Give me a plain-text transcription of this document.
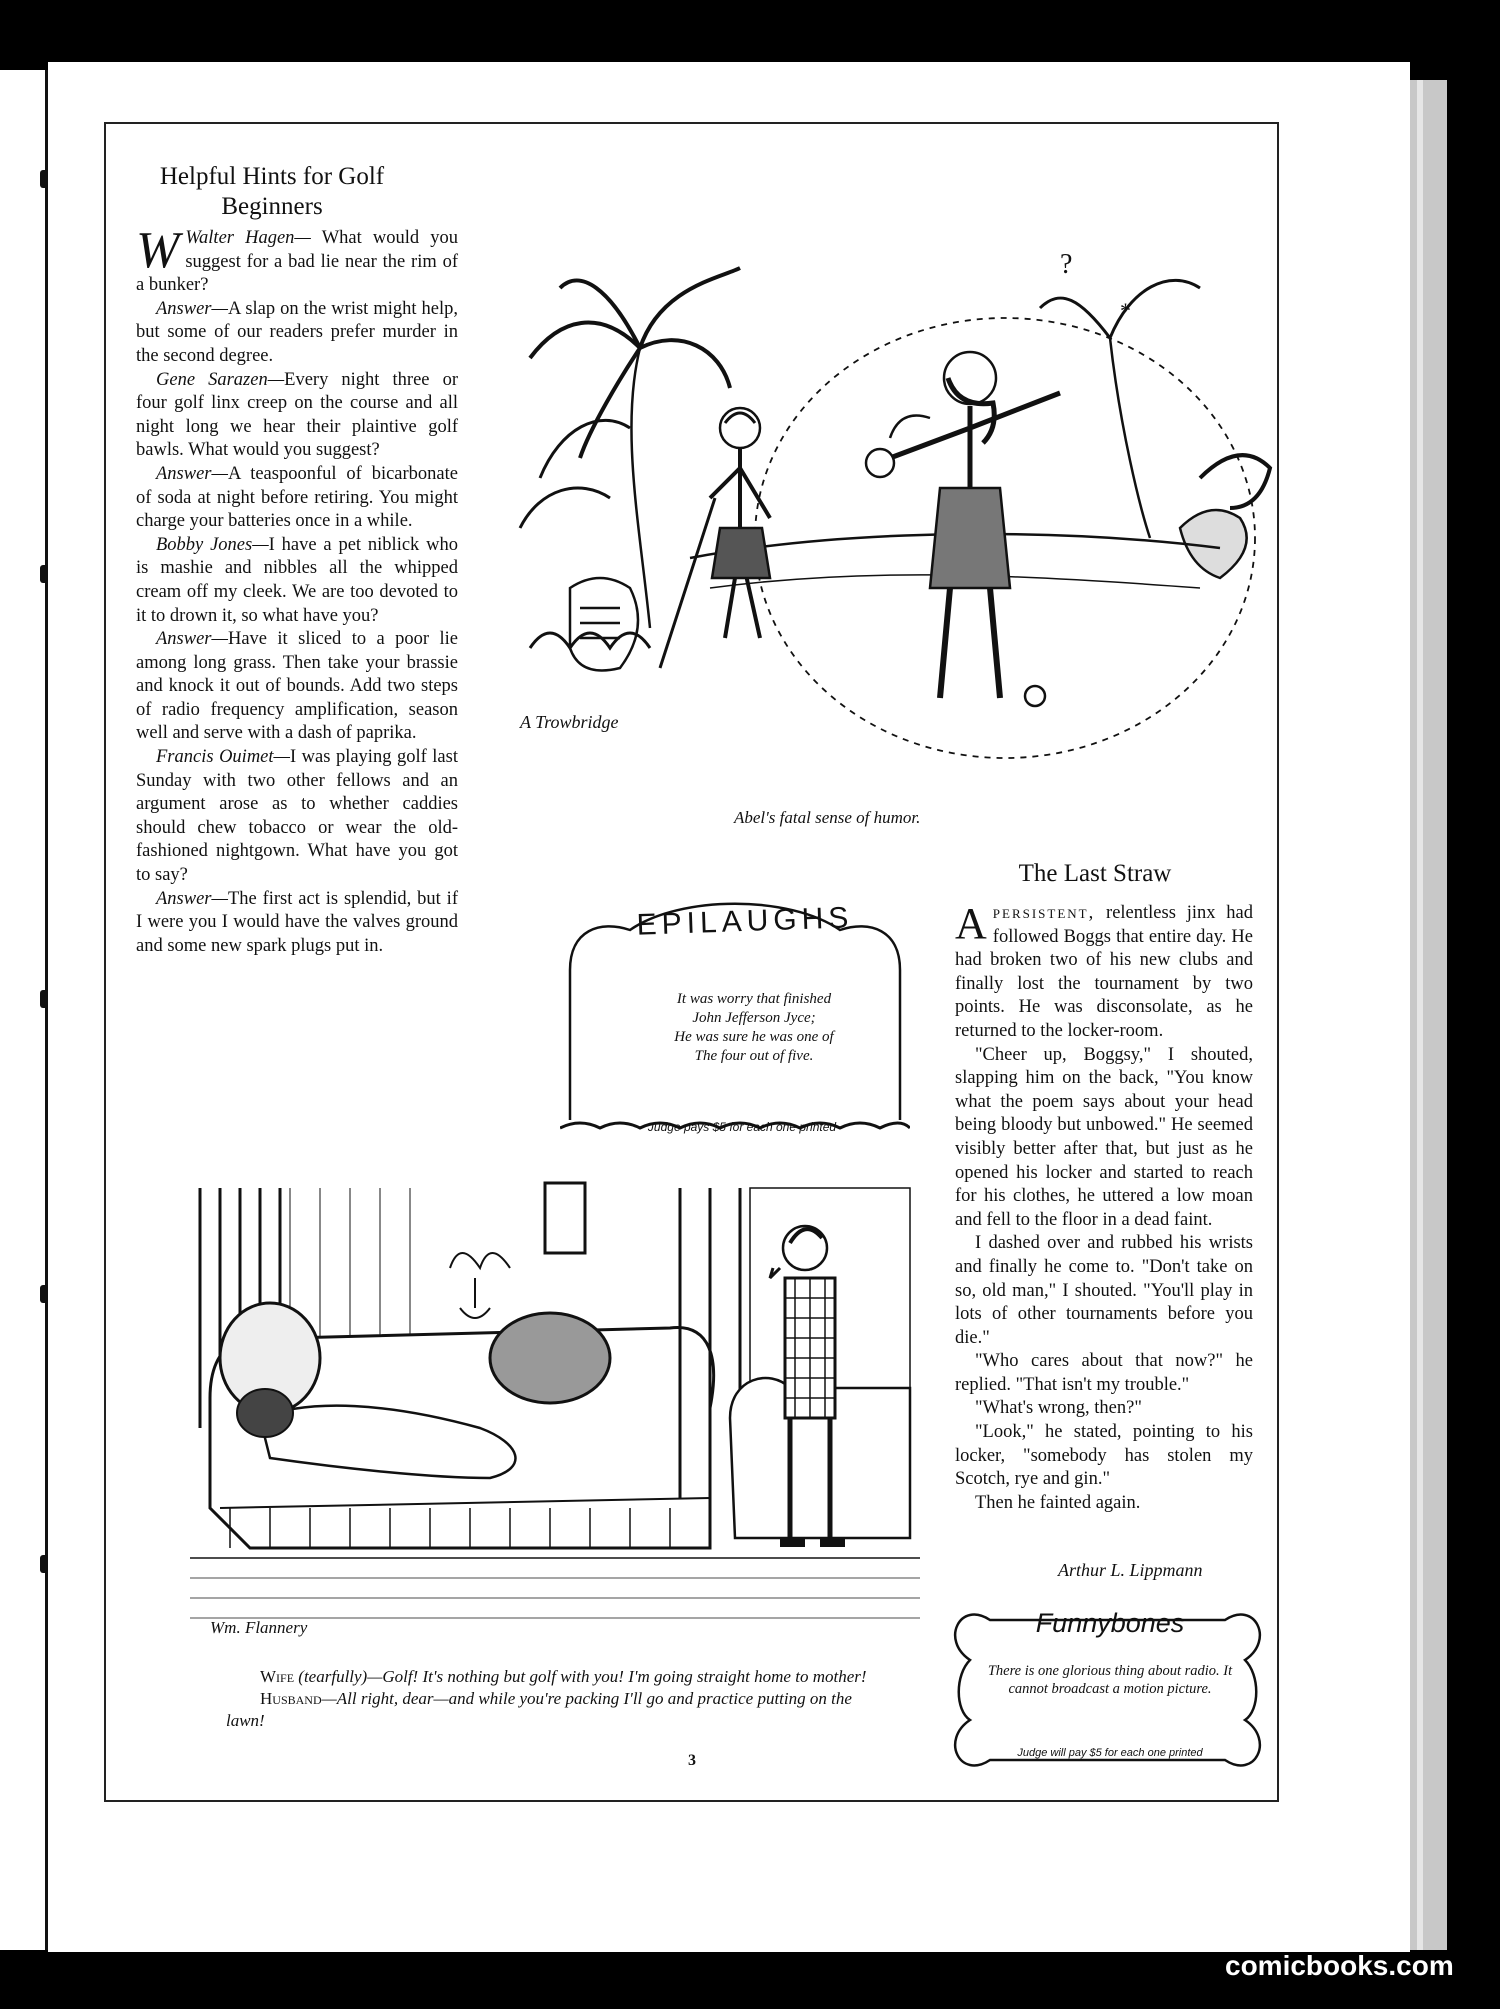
Helpful Hints for Golf Beginners

W Walter Hagen— What would you suggest for a bad lie near the rim of a bunker?

Answer—A slap on the wrist might help, but some of our readers prefer murder in the second degree.

Gene Sarazen—Every night three or four golf linx creep on the course and all night long we hear their plaintive golf bawls. What would you suggest?

Answer—A teaspoonful of bicarbonate of soda at night before retiring. You might charge your batteries once in a while.

Bobby Jones—I have a pet niblick who is mashie and nibbles all the whipped cream off my cleek. We are too devoted to it to drown it, so what have you?

Answer—Have it sliced to a poor lie among long grass. Then take your brassie and knock it out of bounds. Add two steps of radio frequency amplification, season well and serve with a dash of paprika.

Francis Ouimet—I was playing golf last Sunday with two other fellows and an argument arose as to whether caddies should chew tobacco or wear the old-fashioned nightgown. What have you got to say?

Answer—The first act is splendid, but if I were you I would have the valves ground and some new spark plugs put in.

?
*
A Trowbridge
Abel's fatal sense of humor.
EPILAUGHS
It was worry that finished
John Jefferson Jyce;
He was sure he was one of
The four out of five.
Judge pays $5 for each one printed
The Last Straw

Apersistent, relentless jinx had followed Boggs that entire day. He had broken two of his new clubs and finally lost the tournament by two points. He was disconsolate, as he returned to the locker-room.

"Cheer up, Boggsy," I shouted, slapping him on the back, "You know what the poem says about your head being bloody but unbowed." He seemed visibly better after that, but just as he opened his locker and started to reach for his clothes, he uttered a low moan and fell to the floor in a dead faint.

I dashed over and rubbed his wrists and finally he come to. "Don't take on so, old man," I shouted. "You'll play in lots of other tournaments before you die."

"Who cares about that now?" he replied. "That isn't my trouble."

"What's wrong, then?"

"Look," he stated, pointing to his locker, "somebody has stolen my Scotch, rye and gin."

Then he fainted again.

Arthur L. Lippmann
Wm. Flannery

Wife (tearfully)—Golf! It's nothing but golf with you! I'm going straight home to mother!

Husband—All right, dear—and while you're packing I'll go and practice putting on the lawn!

Funnybones
There is one glorious thing about radio. It cannot broadcast a motion picture.
Judge will pay $5 for each one printed
3
comicbooks.com
